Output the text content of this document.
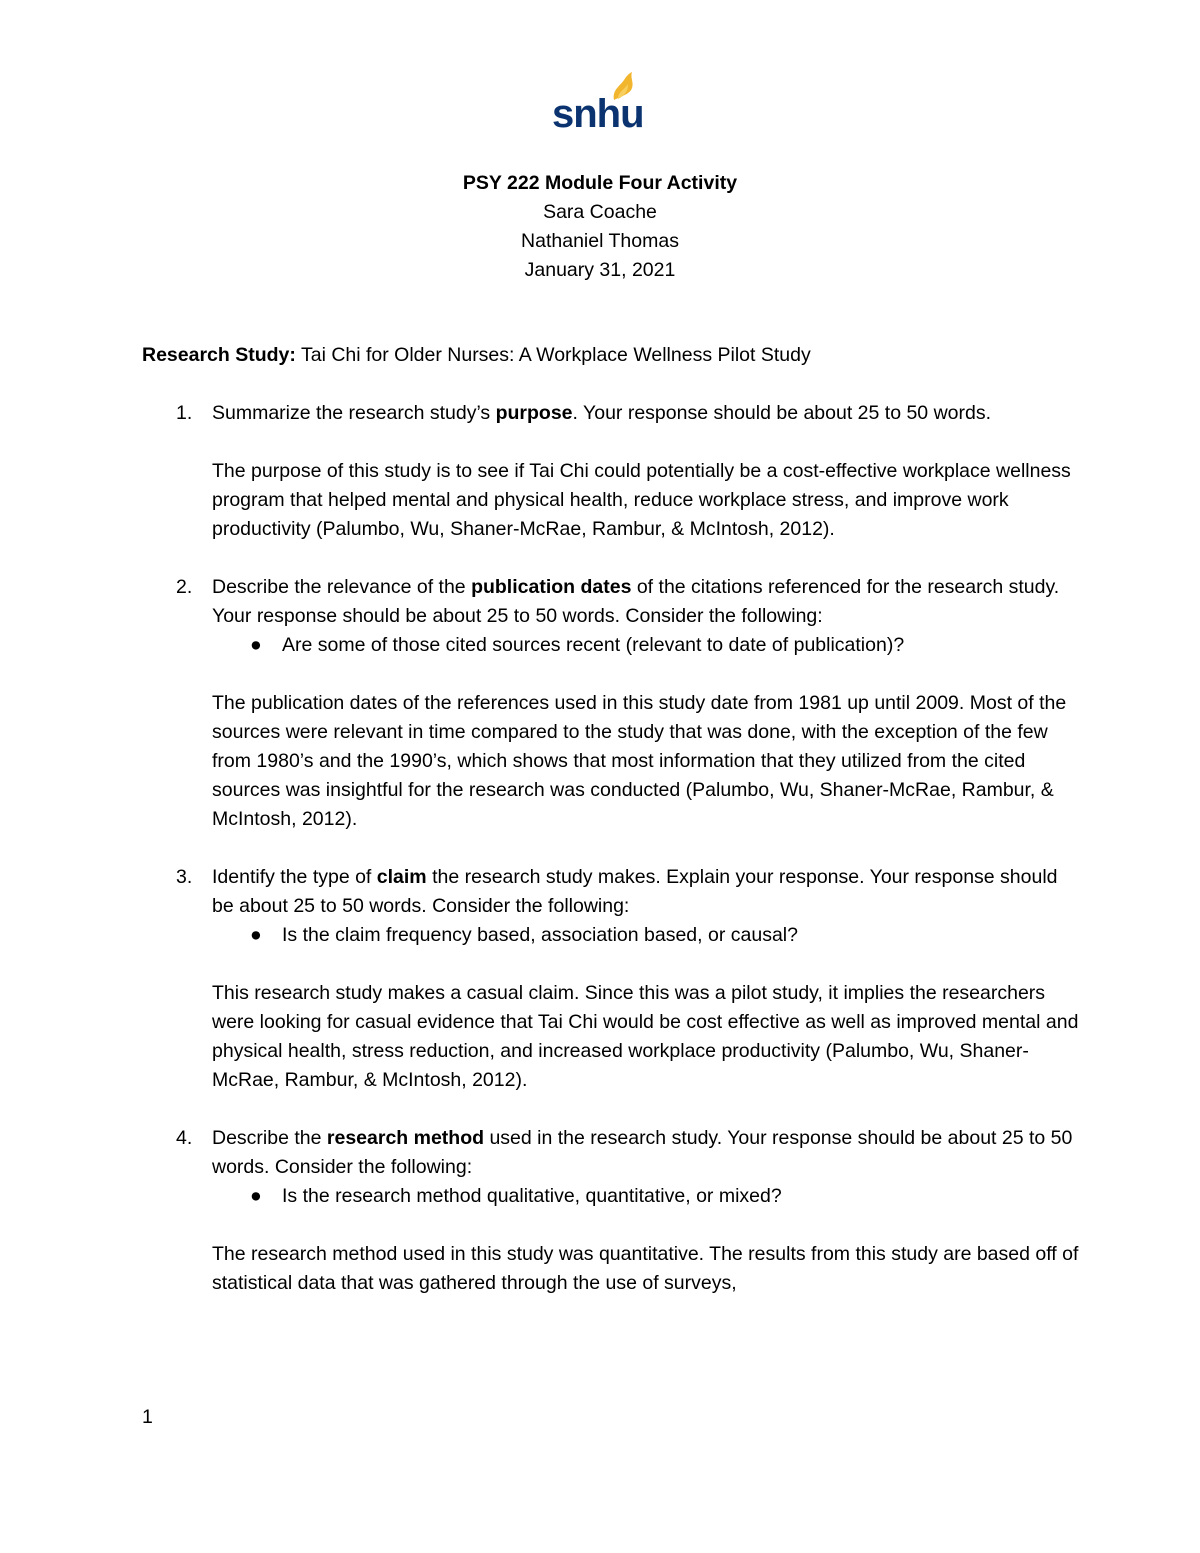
snhu
PSY 222 Module Four Activity
Sara Coache
Nathaniel Thomas
January 31, 2021

Research Study: Tai Chi for Older Nurses: A Workplace Wellness Pilot Study

1. Summarize the research study’s purpose. Your response should be about 25 to 50 words.

The purpose of this study is to see if Tai Chi could potentially be a cost-effective workplace wellness program that helped mental and physical health, reduce workplace stress, and improve work productivity (Palumbo, Wu, Shaner-McRae, Rambur, & McIntosh, 2012).

2. Describe the relevance of the publication dates of the citations referenced for the research study. Your response should be about 25 to 50 words. Consider the following:

● Are some of those cited sources recent (relevant to date of publication)?

The publication dates of the references used in this study date from 1981 up until 2009. Most of the sources were relevant in time compared to the study that was done, with the exception of the few from 1980’s and the 1990’s, which shows that most information that they utilized from the cited sources was insightful for the research was conducted (Palumbo, Wu, Shaner-McRae, Rambur, & McIntosh, 2012).

3. Identify the type of claim the research study makes. Explain your response. Your response should be about 25 to 50 words. Consider the following:

● Is the claim frequency based, association based, or causal?

This research study makes a casual claim. Since this was a pilot study, it implies the researchers were looking for casual evidence that Tai Chi would be cost effective as well as improved mental and physical health, stress reduction, and increased workplace productivity (Palumbo, Wu, Shaner-McRae, Rambur, & McIntosh, 2012).

4. Describe the research method used in the research study. Your response should be about 25 to 50 words. Consider the following:

● Is the research method qualitative, quantitative, or mixed?

The research method used in this study was quantitative. The results from this study are based off of statistical data that was gathered through the use of surveys,

1
